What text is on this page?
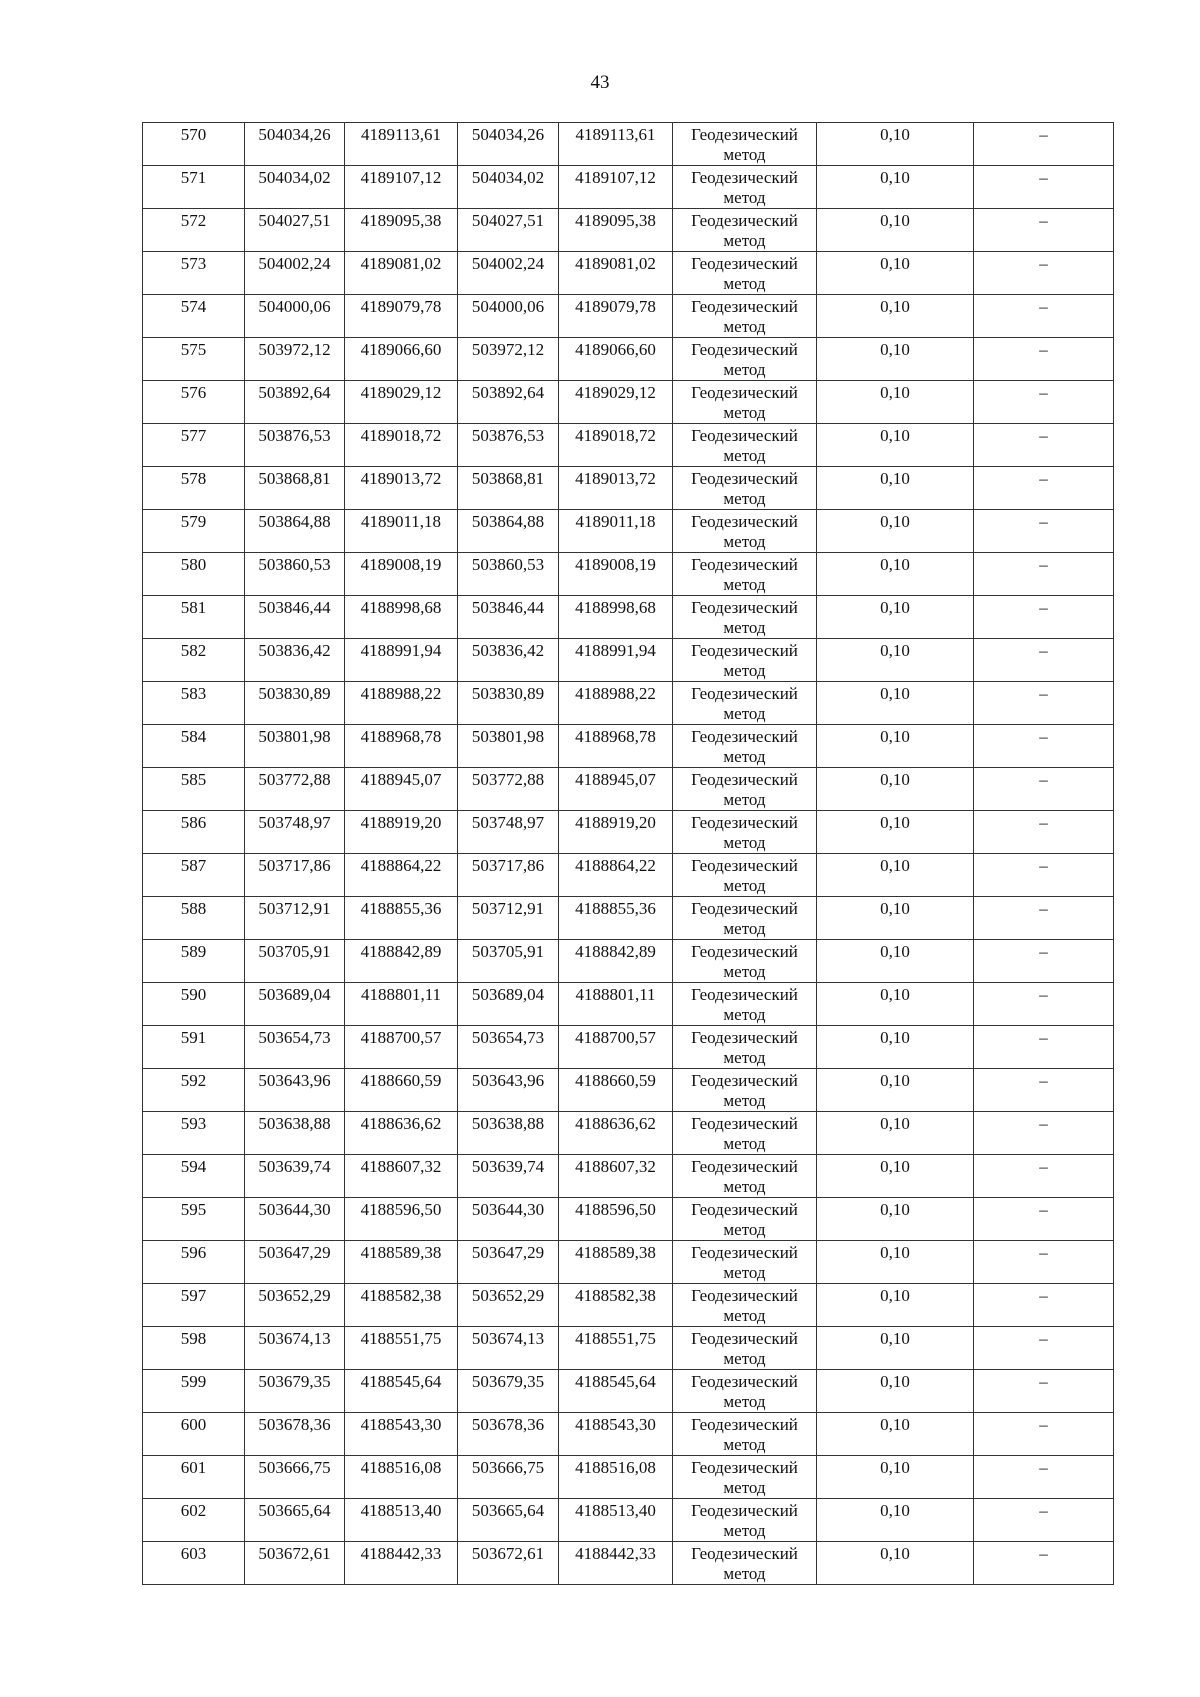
43
570	504034,26	4189113,61	504034,26	4189113,61	Геодезический метод	0,10	–

571	504034,02	4189107,12	504034,02	4189107,12	Геодезический метод	0,10	–

572	504027,51	4189095,38	504027,51	4189095,38	Геодезический метод	0,10	–

573	504002,24	4189081,02	504002,24	4189081,02	Геодезический метод	0,10	–

574	504000,06	4189079,78	504000,06	4189079,78	Геодезический метод	0,10	–

575	503972,12	4189066,60	503972,12	4189066,60	Геодезический метод	0,10	–

576	503892,64	4189029,12	503892,64	4189029,12	Геодезический метод	0,10	–

577	503876,53	4189018,72	503876,53	4189018,72	Геодезический метод	0,10	–

578	503868,81	4189013,72	503868,81	4189013,72	Геодезический метод	0,10	–

579	503864,88	4189011,18	503864,88	4189011,18	Геодезический метод	0,10	–

580	503860,53	4189008,19	503860,53	4189008,19	Геодезический метод	0,10	–

581	503846,44	4188998,68	503846,44	4188998,68	Геодезический метод	0,10	–

582	503836,42	4188991,94	503836,42	4188991,94	Геодезический метод	0,10	–

583	503830,89	4188988,22	503830,89	4188988,22	Геодезический метод	0,10	–

584	503801,98	4188968,78	503801,98	4188968,78	Геодезический метод	0,10	–

585	503772,88	4188945,07	503772,88	4188945,07	Геодезический метод	0,10	–

586	503748,97	4188919,20	503748,97	4188919,20	Геодезический метод	0,10	–

587	503717,86	4188864,22	503717,86	4188864,22	Геодезический метод	0,10	–

588	503712,91	4188855,36	503712,91	4188855,36	Геодезический метод	0,10	–

589	503705,91	4188842,89	503705,91	4188842,89	Геодезический метод	0,10	–

590	503689,04	4188801,11	503689,04	4188801,11	Геодезический метод	0,10	–

591	503654,73	4188700,57	503654,73	4188700,57	Геодезический метод	0,10	–

592	503643,96	4188660,59	503643,96	4188660,59	Геодезический метод	0,10	–

593	503638,88	4188636,62	503638,88	4188636,62	Геодезический метод	0,10	–

594	503639,74	4188607,32	503639,74	4188607,32	Геодезический метод	0,10	–

595	503644,30	4188596,50	503644,30	4188596,50	Геодезический метод	0,10	–

596	503647,29	4188589,38	503647,29	4188589,38	Геодезический метод	0,10	–

597	503652,29	4188582,38	503652,29	4188582,38	Геодезический метод	0,10	–

598	503674,13	4188551,75	503674,13	4188551,75	Геодезический метод	0,10	–

599	503679,35	4188545,64	503679,35	4188545,64	Геодезический метод	0,10	–

600	503678,36	4188543,30	503678,36	4188543,30	Геодезический метод	0,10	–

601	503666,75	4188516,08	503666,75	4188516,08	Геодезический метод	0,10	–

602	503665,64	4188513,40	503665,64	4188513,40	Геодезический метод	0,10	–

603	503672,61	4188442,33	503672,61	4188442,33	Геодезический метод	0,10	–
